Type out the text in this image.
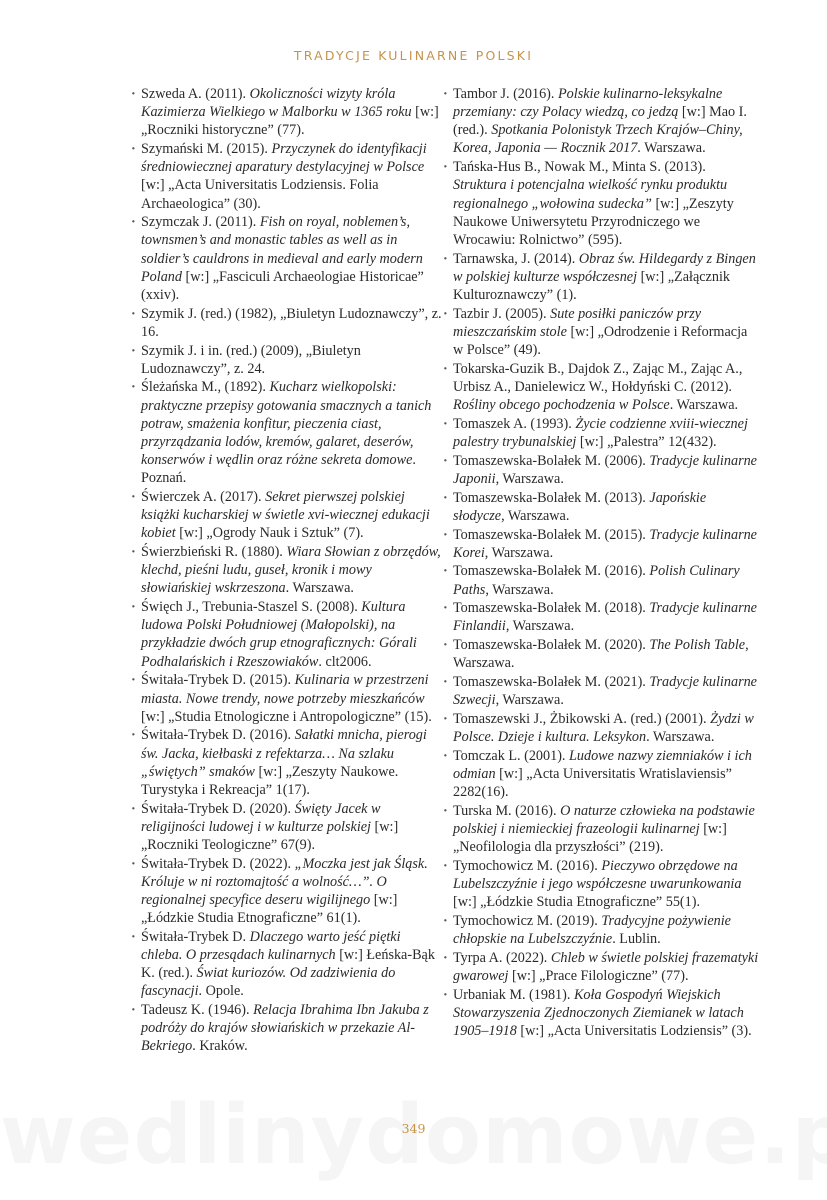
TRADYCJE KULINARNE POLSKI
· Szweda A. (2011). Okoliczności wizyty króla Kazimierza Wielkiego w Malborku w 1365 roku [w:] „Roczniki historyczne” (77).
· Szymański M. (2015). Przyczynek do identyfikacji średniowiecznej aparatury destylacyjnej w Polsce [w:] „Acta Universitatis Lodziensis. Folia Archaeologica” (30).
· Szymczak J. (2011). Fish on royal, noblemen’s, townsmen’s and monastic tables as well as in soldier’s cauldrons in medieval and early modern Poland [w:] „Fasciculi Archaeologiae Historicae” (xxiv).
· Szymik J. (red.) (1982), „Biuletyn Ludoznawczy”, z. 16.
· Szymik J. i in. (red.) (2009), „Biuletyn Ludoznawczy”, z. 24.
· Śleżańska M., (1892). Kucharz wielkopolski: praktyczne przepisy gotowania smacznych a tanich potraw, smażenia konfitur, pieczenia ciast, przyrządzania lodów, kremów, galaret, deserów, konserwów i wędlin oraz różne sekreta domowe. Poznań.
· Świerczek A. (2017). Sekret pierwszej polskiej książki kucharskiej w świetle xvi-wiecznej edukacji kobiet [w:] „Ogrody Nauk i Sztuk” (7).
· Świerzbieński R. (1880). Wiara Słowian z obrzędów, klechd, pieśni ludu, guseł, kronik i mowy słowiańskiej wskrzeszona. Warszawa.
· Święch J., Trebunia-Staszel S. (2008). Kultura ludowa Polski Południowej (Małopolski), na przykładzie dwóch grup etnograficznych: Górali Podhalańskich i Rzeszowiaków. clt2006.
· Świtała-Trybek D. (2015). Kulinaria w przestrzeni miasta. Nowe trendy, nowe potrzeby mieszkańców [w:] „Studia Etnologiczne i Antropologiczne” (15).
· Świtała-Trybek D. (2016). Sałatki mnicha, pierogi św. Jacka, kiełbaski z refektarza… Na szlaku „świętych” smaków [w:] „Zeszyty Naukowe. Turystyka i Rekreacja” 1(17).
· Świtała-Trybek D. (2020). Święty Jacek w religijności ludowej i w kulturze polskiej [w:] „Roczniki Teologiczne” 67(9).
· Świtała-Trybek D. (2022). „Moczka jest jak Śląsk. Króluje w ni roztomajtość a wolność…”. O regionalnej specyfice deseru wigilijnego [w:] „Łódzkie Studia Etnograficzne” 61(1).
· Świtała-Trybek D. Dlaczego warto jeść piętki chleba. O przesądach kulinarnych [w:] Łeńska-Bąk K. (red.). Świat kuriozów. Od zadziwienia do fascynacji. Opole.
· Tadeusz K. (1946). Relacja Ibrahima Ibn Jakuba z podróży do krajów słowiańskich w przekazie Al-Bekriego. Kraków.
· Tambor J. (2016). Polskie kulinarno-leksykalne przemiany: czy Polacy wiedzą, co jedzą [w:] Mao I. (red.). Spotkania Polonistyk Trzech Krajów–Chiny, Korea, Japonia — Rocznik 2017. Warszawa.
· Tańska-Hus B., Nowak M., Minta S. (2013). Struktura i potencjalna wielkość rynku produktu regionalnego „wołowina sudecka” [w:] „Zeszyty Naukowe Uniwersytetu Przyrodniczego we Wrocawiu: Rolnictwo” (595).
· Tarnawska, J. (2014). Obraz św. Hildegardy z Bingen w polskiej kulturze współczesnej [w:] „Załącznik Kulturoznawczy” (1).
· Tazbir J. (2005). Sute posiłki paniczów przy mieszczańskim stole [w:] „Odrodzenie i Reformacja w Polsce” (49).
· Tokarska-Guzik B., Dajdok Z., Zając M., Zając A., Urbisz A., Danielewicz W., Hołdyński C. (2012). Rośliny obcego pochodzenia w Polsce. Warszawa.
· Tomaszek A. (1993). Życie codzienne xviii-wiecznej palestry trybunalskiej [w:] „Palestra” 12(432).
· Tomaszewska-Bolałek M. (2006). Tradycje kulinarne Japonii, Warszawa.
· Tomaszewska-Bolałek M. (2013). Japońskie słodycze, Warszawa.
· Tomaszewska-Bolałek M. (2015). Tradycje kulinarne Korei, Warszawa.
· Tomaszewska-Bolałek M. (2016). Polish Culinary Paths, Warszawa.
· Tomaszewska-Bolałek M. (2018). Tradycje kulinarne Finlandii, Warszawa.
· Tomaszewska-Bolałek M. (2020). The Polish Table, Warszawa.
· Tomaszewska-Bolałek M. (2021). Tradycje kulinarne Szwecji, Warszawa.
· Tomaszewski J., Żbikowski A. (red.) (2001). Żydzi w Polsce. Dzieje i kultura. Leksykon. Warszawa.
· Tomczak L. (2001). Ludowe nazwy ziemniaków i ich odmian [w:] „Acta Universitatis Wratislaviensis” 2282(16).
· Turska M. (2016). O naturze człowieka na podstawie polskiej i niemieckiej frazeologii kulinarnej [w:] „Neofilologia dla przyszłości” (219).
· Tymochowicz M. (2016). Pieczywo obrzędowe na Lubelszczyźnie i jego współczesne uwarunkowania [w:] „Łódzkie Studia Etnograficzne” 55(1).
· Tymochowicz M. (2019). Tradycyjne pożywienie chłopskie na Lubelszczyźnie. Lublin.
· Tyrpa A. (2022). Chleb w świetle polskiej frazematyki gwarowej [w:] „Prace Filologiczne” (77).
· Urbaniak M. (1981). Koła Gospodyń Wiejskich Stowarzyszenia Zjednoczonych Ziemianek w latach 1905–1918 [w:] „Acta Universitatis Lodziensis” (3).
349
